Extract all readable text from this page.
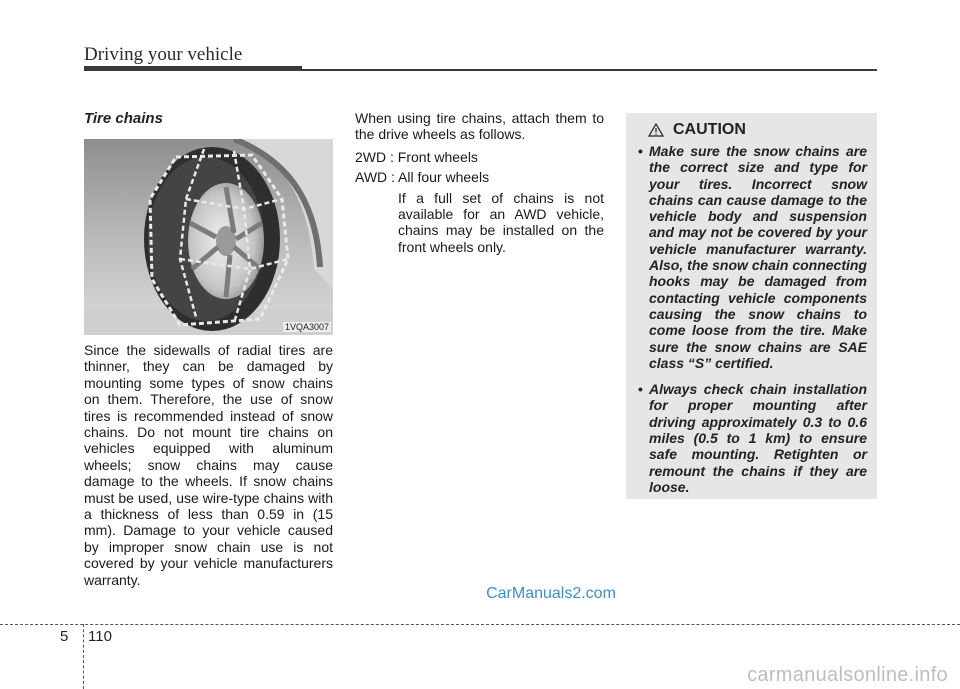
Driving your vehicle
Tire chains
1VQA3007
Since the sidewalls of radial tires are thinner, they can be damaged by mounting some types of snow chains on them. Therefore, the use of snow tires is recommended instead of snow chains. Do not mount tire chains on vehicles equipped with aluminum wheels; snow chains may cause damage to the wheels. If snow chains must be used, use wire-type chains with a thickness of less than 0.59 in (15 mm). Damage to your vehicle caused by improper snow chain use is not covered by your vehicle manufacturers warranty.

When using tire chains, attach them to the drive wheels as follows.

2WD : Front wheels

AWD : All four wheels

If a full set of chains is not available for an AWD vehicle, chains may be installed on the front wheels only.

CAUTION
• Make sure the snow chains are the correct size and type for your tires. Incorrect snow chains can cause damage to the vehicle body and suspension and may not be covered by your vehicle manufacturer warranty. Also, the snow chain connecting hooks may be damaged from contacting vehicle components causing the snow chains to come loose from the tire. Make sure the snow chains are SAE class “S” certified.
• Always check chain installation for proper mounting after driving approximately 0.3 to 0.6 miles (0.5 to 1 km) to ensure safe mounting. Retighten or remount the chains if they are loose.
CarManuals2.com
5 110
carmanualsonline.info
